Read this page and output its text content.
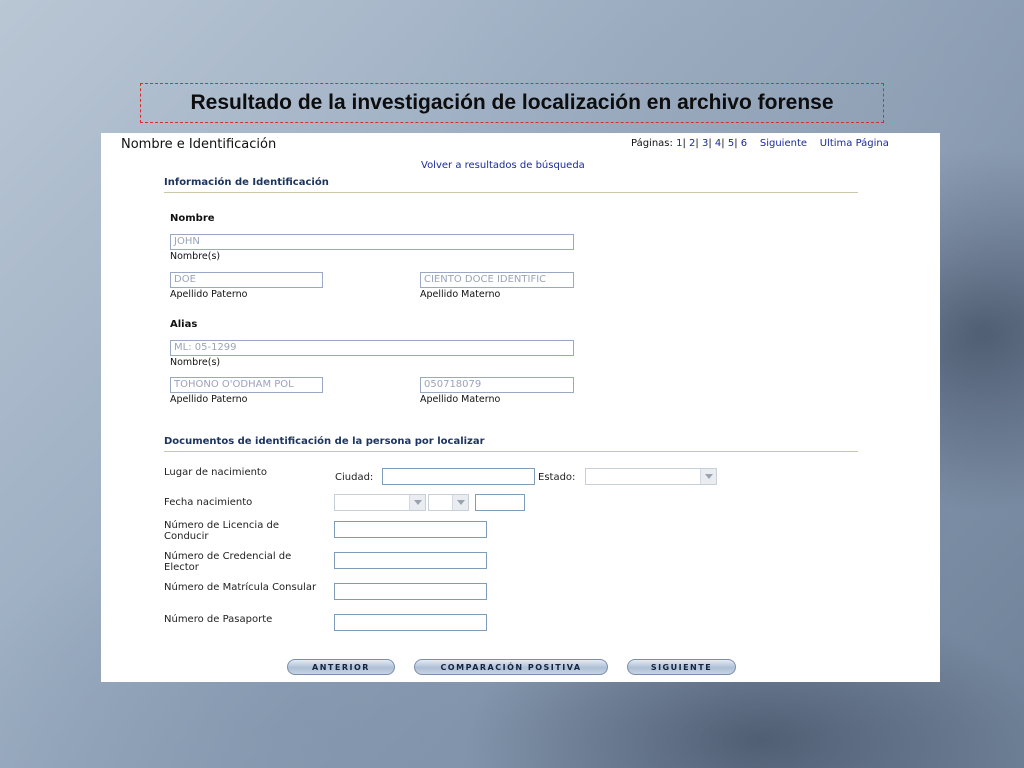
Resultado de la investigación de localización en archivo forense
Nombre e Identificación	Páginas: 1| 2| 3| 4| 5| 6 Siguiente Ultima Página
Volver a resultados de búsqueda
Información de Identificación
Nombre
JOHN
Nombre(s)
DOE
Apellido Paterno
CIENTO DOCE IDENTIFIC
Apellido Materno
Alias
ML: 05-1299
Nombre(s)
TOHONO O'ODHAM POL
Apellido Paterno
050718079
Apellido Materno
Documentos de identificación de la persona por localizar
Lugar de nacimiento	Ciudad:	Estado:
Fecha nacimiento
Número de Licencia de Conducir
Número de Credencial de Elector
Número de Matrícula Consular
Número de Pasaporte
ANTERIOR	COMPARACIÓN POSITIVA	SIGUIENTE
